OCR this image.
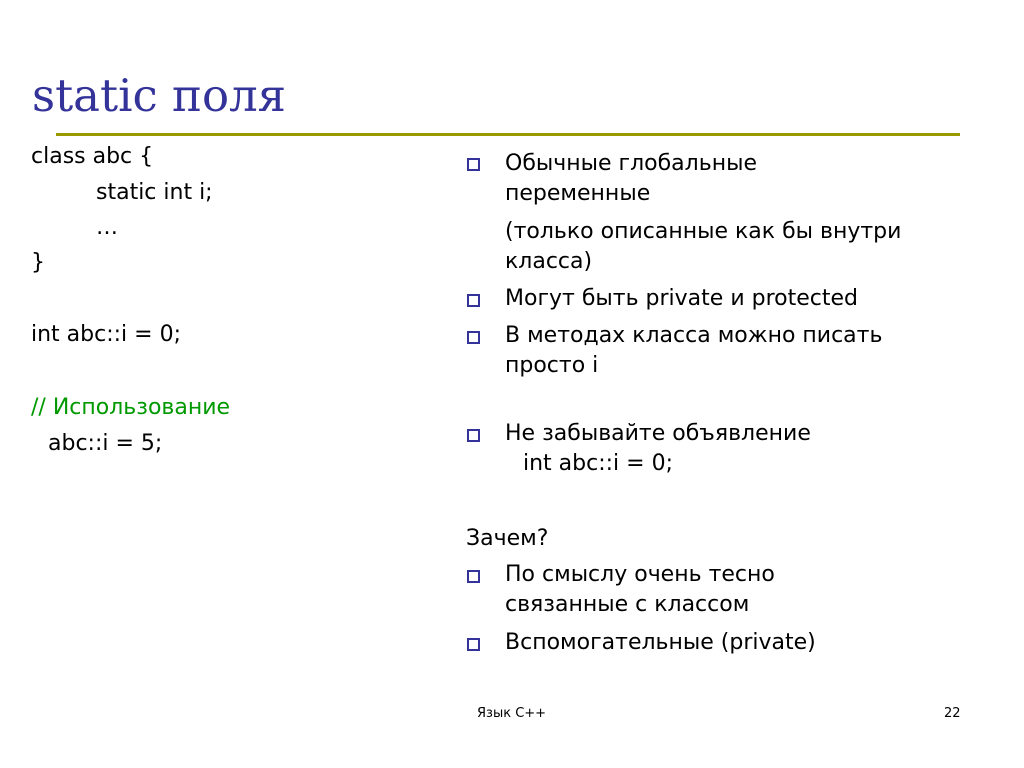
static поля
class abc {
static int i;
…
}
int abc::i = 0;
// Использование
abc::i = 5;
Обычные глобальные
переменные
(только описанные как бы внутри
класса)
Могут быть private и protected
В методах класса можно писать
просто i
Не забывайте объявление
int abc::i = 0;
Зачем?
По смыслу очень тесно
связанные с классом
Вспомогательные (private)
Язык C++	22
